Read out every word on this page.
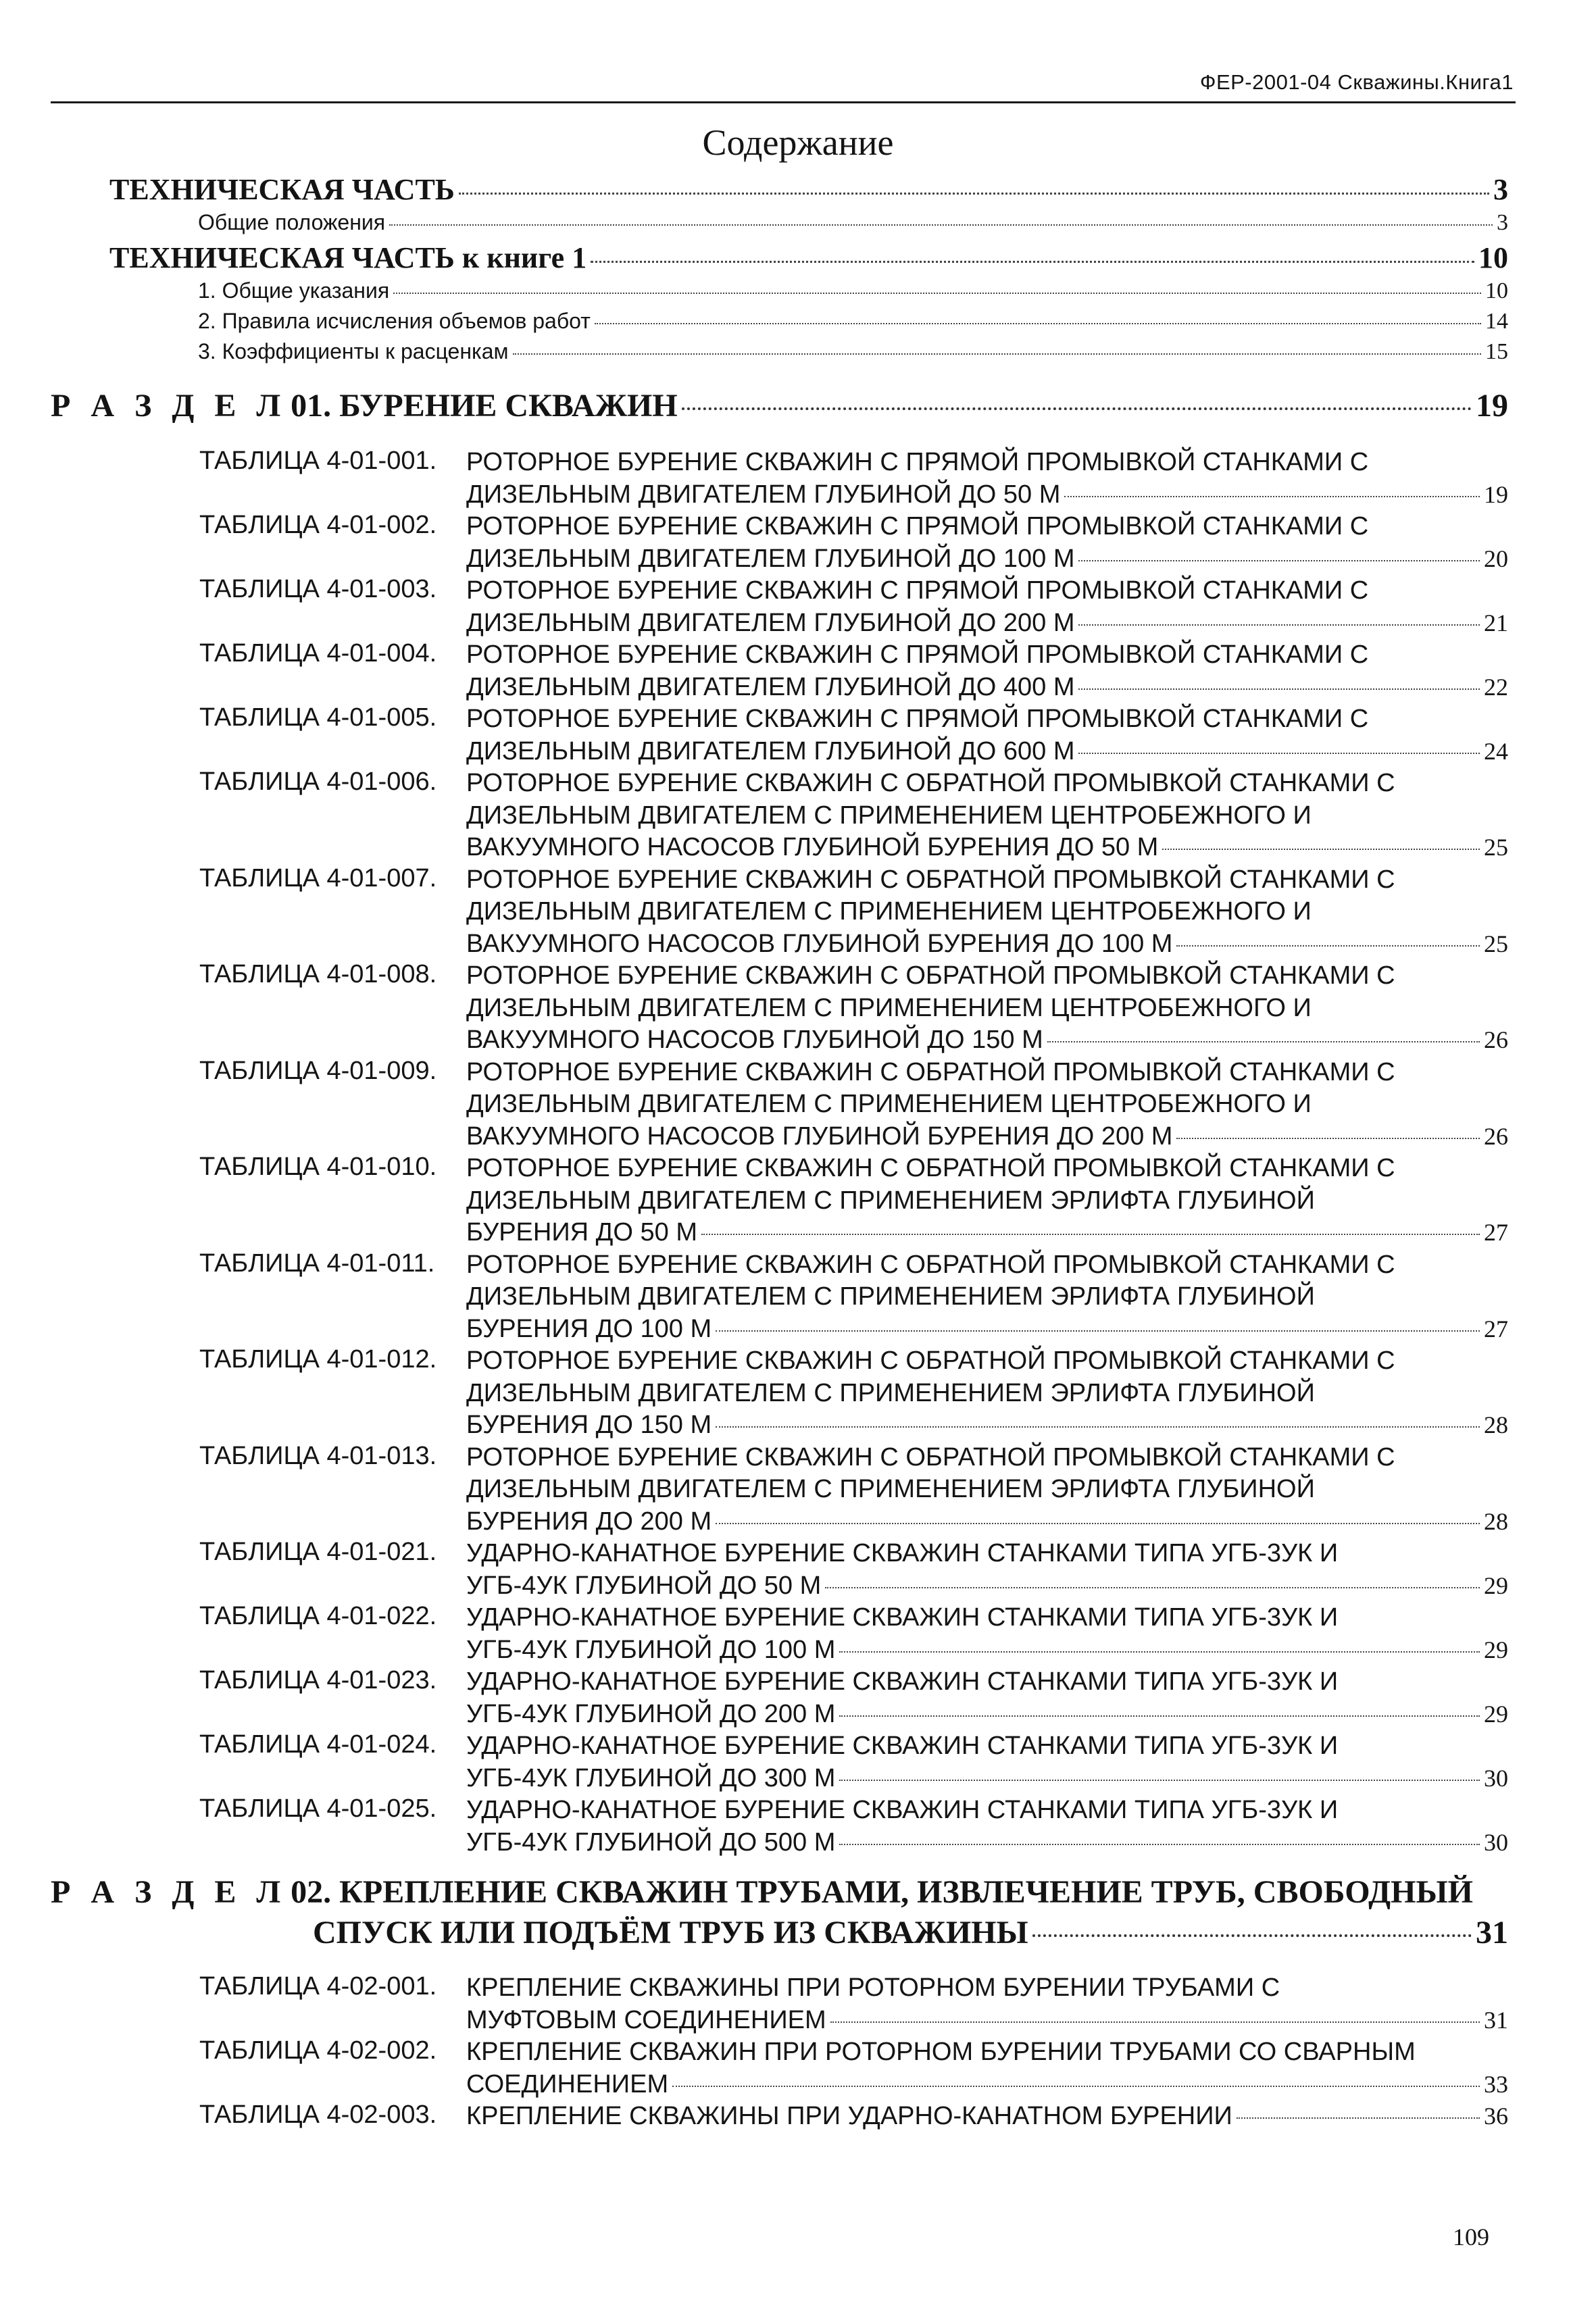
ФЕР-2001-04 Скважины.Книга1
Содержание
ТЕХНИЧЕСКАЯ ЧАСТЬ	3
Общие положения	3
ТЕХНИЧЕСКАЯ ЧАСТЬ к книге 1	10
1. Общие указания	10
2. Правила исчисления объемов работ	14
3. Коэффициенты к расценкам	15
Р А З Д Е Л 01. БУРЕНИЕ СКВАЖИН	19
ТАБЛИЦА 4-01-001.	РОТОРНОЕ БУРЕНИЕ СКВАЖИН С ПРЯМОЙ ПРОМЫВКОЙ СТАНКАМИ С
ДИЗЕЛЬНЫМ ДВИГАТЕЛЕМ ГЛУБИНОЙ ДО 50 М	19
ТАБЛИЦА 4-01-002.	РОТОРНОЕ БУРЕНИЕ СКВАЖИН С ПРЯМОЙ ПРОМЫВКОЙ СТАНКАМИ С
ДИЗЕЛЬНЫМ ДВИГАТЕЛЕМ ГЛУБИНОЙ ДО 100 М	20
ТАБЛИЦА 4-01-003.	РОТОРНОЕ БУРЕНИЕ СКВАЖИН С ПРЯМОЙ ПРОМЫВКОЙ СТАНКАМИ С
ДИЗЕЛЬНЫМ ДВИГАТЕЛЕМ ГЛУБИНОЙ ДО 200 М	21
ТАБЛИЦА 4-01-004.	РОТОРНОЕ БУРЕНИЕ СКВАЖИН С ПРЯМОЙ ПРОМЫВКОЙ СТАНКАМИ С
ДИЗЕЛЬНЫМ ДВИГАТЕЛЕМ ГЛУБИНОЙ ДО 400 М	22
ТАБЛИЦА 4-01-005.	РОТОРНОЕ БУРЕНИЕ СКВАЖИН С ПРЯМОЙ ПРОМЫВКОЙ СТАНКАМИ С
ДИЗЕЛЬНЫМ ДВИГАТЕЛЕМ ГЛУБИНОЙ ДО 600 М	24
ТАБЛИЦА 4-01-006.	РОТОРНОЕ БУРЕНИЕ СКВАЖИН С ОБРАТНОЙ ПРОМЫВКОЙ СТАНКАМИ С
ДИЗЕЛЬНЫМ ДВИГАТЕЛЕМ С ПРИМЕНЕНИЕМ ЦЕНТРОБЕЖНОГО И
ВАКУУМНОГО НАСОСОВ ГЛУБИНОЙ БУРЕНИЯ ДО 50 М	25
ТАБЛИЦА 4-01-007.	РОТОРНОЕ БУРЕНИЕ СКВАЖИН С ОБРАТНОЙ ПРОМЫВКОЙ СТАНКАМИ С
ДИЗЕЛЬНЫМ ДВИГАТЕЛЕМ С ПРИМЕНЕНИЕМ ЦЕНТРОБЕЖНОГО И
ВАКУУМНОГО НАСОСОВ ГЛУБИНОЙ БУРЕНИЯ ДО 100 М	25
ТАБЛИЦА 4-01-008.	РОТОРНОЕ БУРЕНИЕ СКВАЖИН С ОБРАТНОЙ ПРОМЫВКОЙ СТАНКАМИ С
ДИЗЕЛЬНЫМ ДВИГАТЕЛЕМ С ПРИМЕНЕНИЕМ ЦЕНТРОБЕЖНОГО И
ВАКУУМНОГО НАСОСОВ ГЛУБИНОЙ ДО 150 М	26
ТАБЛИЦА 4-01-009.	РОТОРНОЕ БУРЕНИЕ СКВАЖИН С ОБРАТНОЙ ПРОМЫВКОЙ СТАНКАМИ С
ДИЗЕЛЬНЫМ ДВИГАТЕЛЕМ С ПРИМЕНЕНИЕМ ЦЕНТРОБЕЖНОГО И
ВАКУУМНОГО НАСОСОВ ГЛУБИНОЙ БУРЕНИЯ ДО 200 М	26
ТАБЛИЦА 4-01-010.	РОТОРНОЕ БУРЕНИЕ СКВАЖИН С ОБРАТНОЙ ПРОМЫВКОЙ СТАНКАМИ С
ДИЗЕЛЬНЫМ ДВИГАТЕЛЕМ С ПРИМЕНЕНИЕМ ЭРЛИФТА ГЛУБИНОЙ
БУРЕНИЯ ДО 50 М	27
ТАБЛИЦА 4-01-011.	РОТОРНОЕ БУРЕНИЕ СКВАЖИН С ОБРАТНОЙ ПРОМЫВКОЙ СТАНКАМИ С
ДИЗЕЛЬНЫМ ДВИГАТЕЛЕМ С ПРИМЕНЕНИЕМ ЭРЛИФТА ГЛУБИНОЙ
БУРЕНИЯ ДО 100 М	27
ТАБЛИЦА 4-01-012.	РОТОРНОЕ БУРЕНИЕ СКВАЖИН С ОБРАТНОЙ ПРОМЫВКОЙ СТАНКАМИ С
ДИЗЕЛЬНЫМ ДВИГАТЕЛЕМ С ПРИМЕНЕНИЕМ ЭРЛИФТА ГЛУБИНОЙ
БУРЕНИЯ ДО 150 М	28
ТАБЛИЦА 4-01-013.	РОТОРНОЕ БУРЕНИЕ СКВАЖИН С ОБРАТНОЙ ПРОМЫВКОЙ СТАНКАМИ С
ДИЗЕЛЬНЫМ ДВИГАТЕЛЕМ С ПРИМЕНЕНИЕМ ЭРЛИФТА ГЛУБИНОЙ
БУРЕНИЯ ДО 200 М	28
ТАБЛИЦА 4-01-021.	УДАРНО-КАНАТНОЕ БУРЕНИЕ СКВАЖИН СТАНКАМИ ТИПА УГБ-3УК И
УГБ-4УК ГЛУБИНОЙ ДО 50 М	29
ТАБЛИЦА 4-01-022.	УДАРНО-КАНАТНОЕ БУРЕНИЕ СКВАЖИН СТАНКАМИ ТИПА УГБ-3УК И
УГБ-4УК ГЛУБИНОЙ ДО 100 М	29
ТАБЛИЦА 4-01-023.	УДАРНО-КАНАТНОЕ БУРЕНИЕ СКВАЖИН СТАНКАМИ ТИПА УГБ-3УК И
УГБ-4УК ГЛУБИНОЙ ДО 200 М	29
ТАБЛИЦА 4-01-024.	УДАРНО-КАНАТНОЕ БУРЕНИЕ СКВАЖИН СТАНКАМИ ТИПА УГБ-3УК И
УГБ-4УК ГЛУБИНОЙ ДО 300 М	30
ТАБЛИЦА 4-01-025.	УДАРНО-КАНАТНОЕ БУРЕНИЕ СКВАЖИН СТАНКАМИ ТИПА УГБ-3УК И
УГБ-4УК ГЛУБИНОЙ ДО 500 М	30
Р А З Д Е Л 02. КРЕПЛЕНИЕ СКВАЖИН ТРУБАМИ, ИЗВЛЕЧЕНИЕ ТРУБ, СВОБОДНЫЙ
СПУСК ИЛИ ПОДЪЁМ ТРУБ ИЗ СКВАЖИНЫ	31
ТАБЛИЦА 4-02-001.	КРЕПЛЕНИЕ СКВАЖИНЫ ПРИ РОТОРНОМ БУРЕНИИ ТРУБАМИ С
МУФТОВЫМ СОЕДИНЕНИЕМ	31
ТАБЛИЦА 4-02-002.	КРЕПЛЕНИЕ СКВАЖИН ПРИ РОТОРНОМ БУРЕНИИ ТРУБАМИ СО СВАРНЫМ
СОЕДИНЕНИЕМ	33
ТАБЛИЦА 4-02-003.	КРЕПЛЕНИЕ СКВАЖИНЫ ПРИ УДАРНО-КАНАТНОМ БУРЕНИИ	36
109
